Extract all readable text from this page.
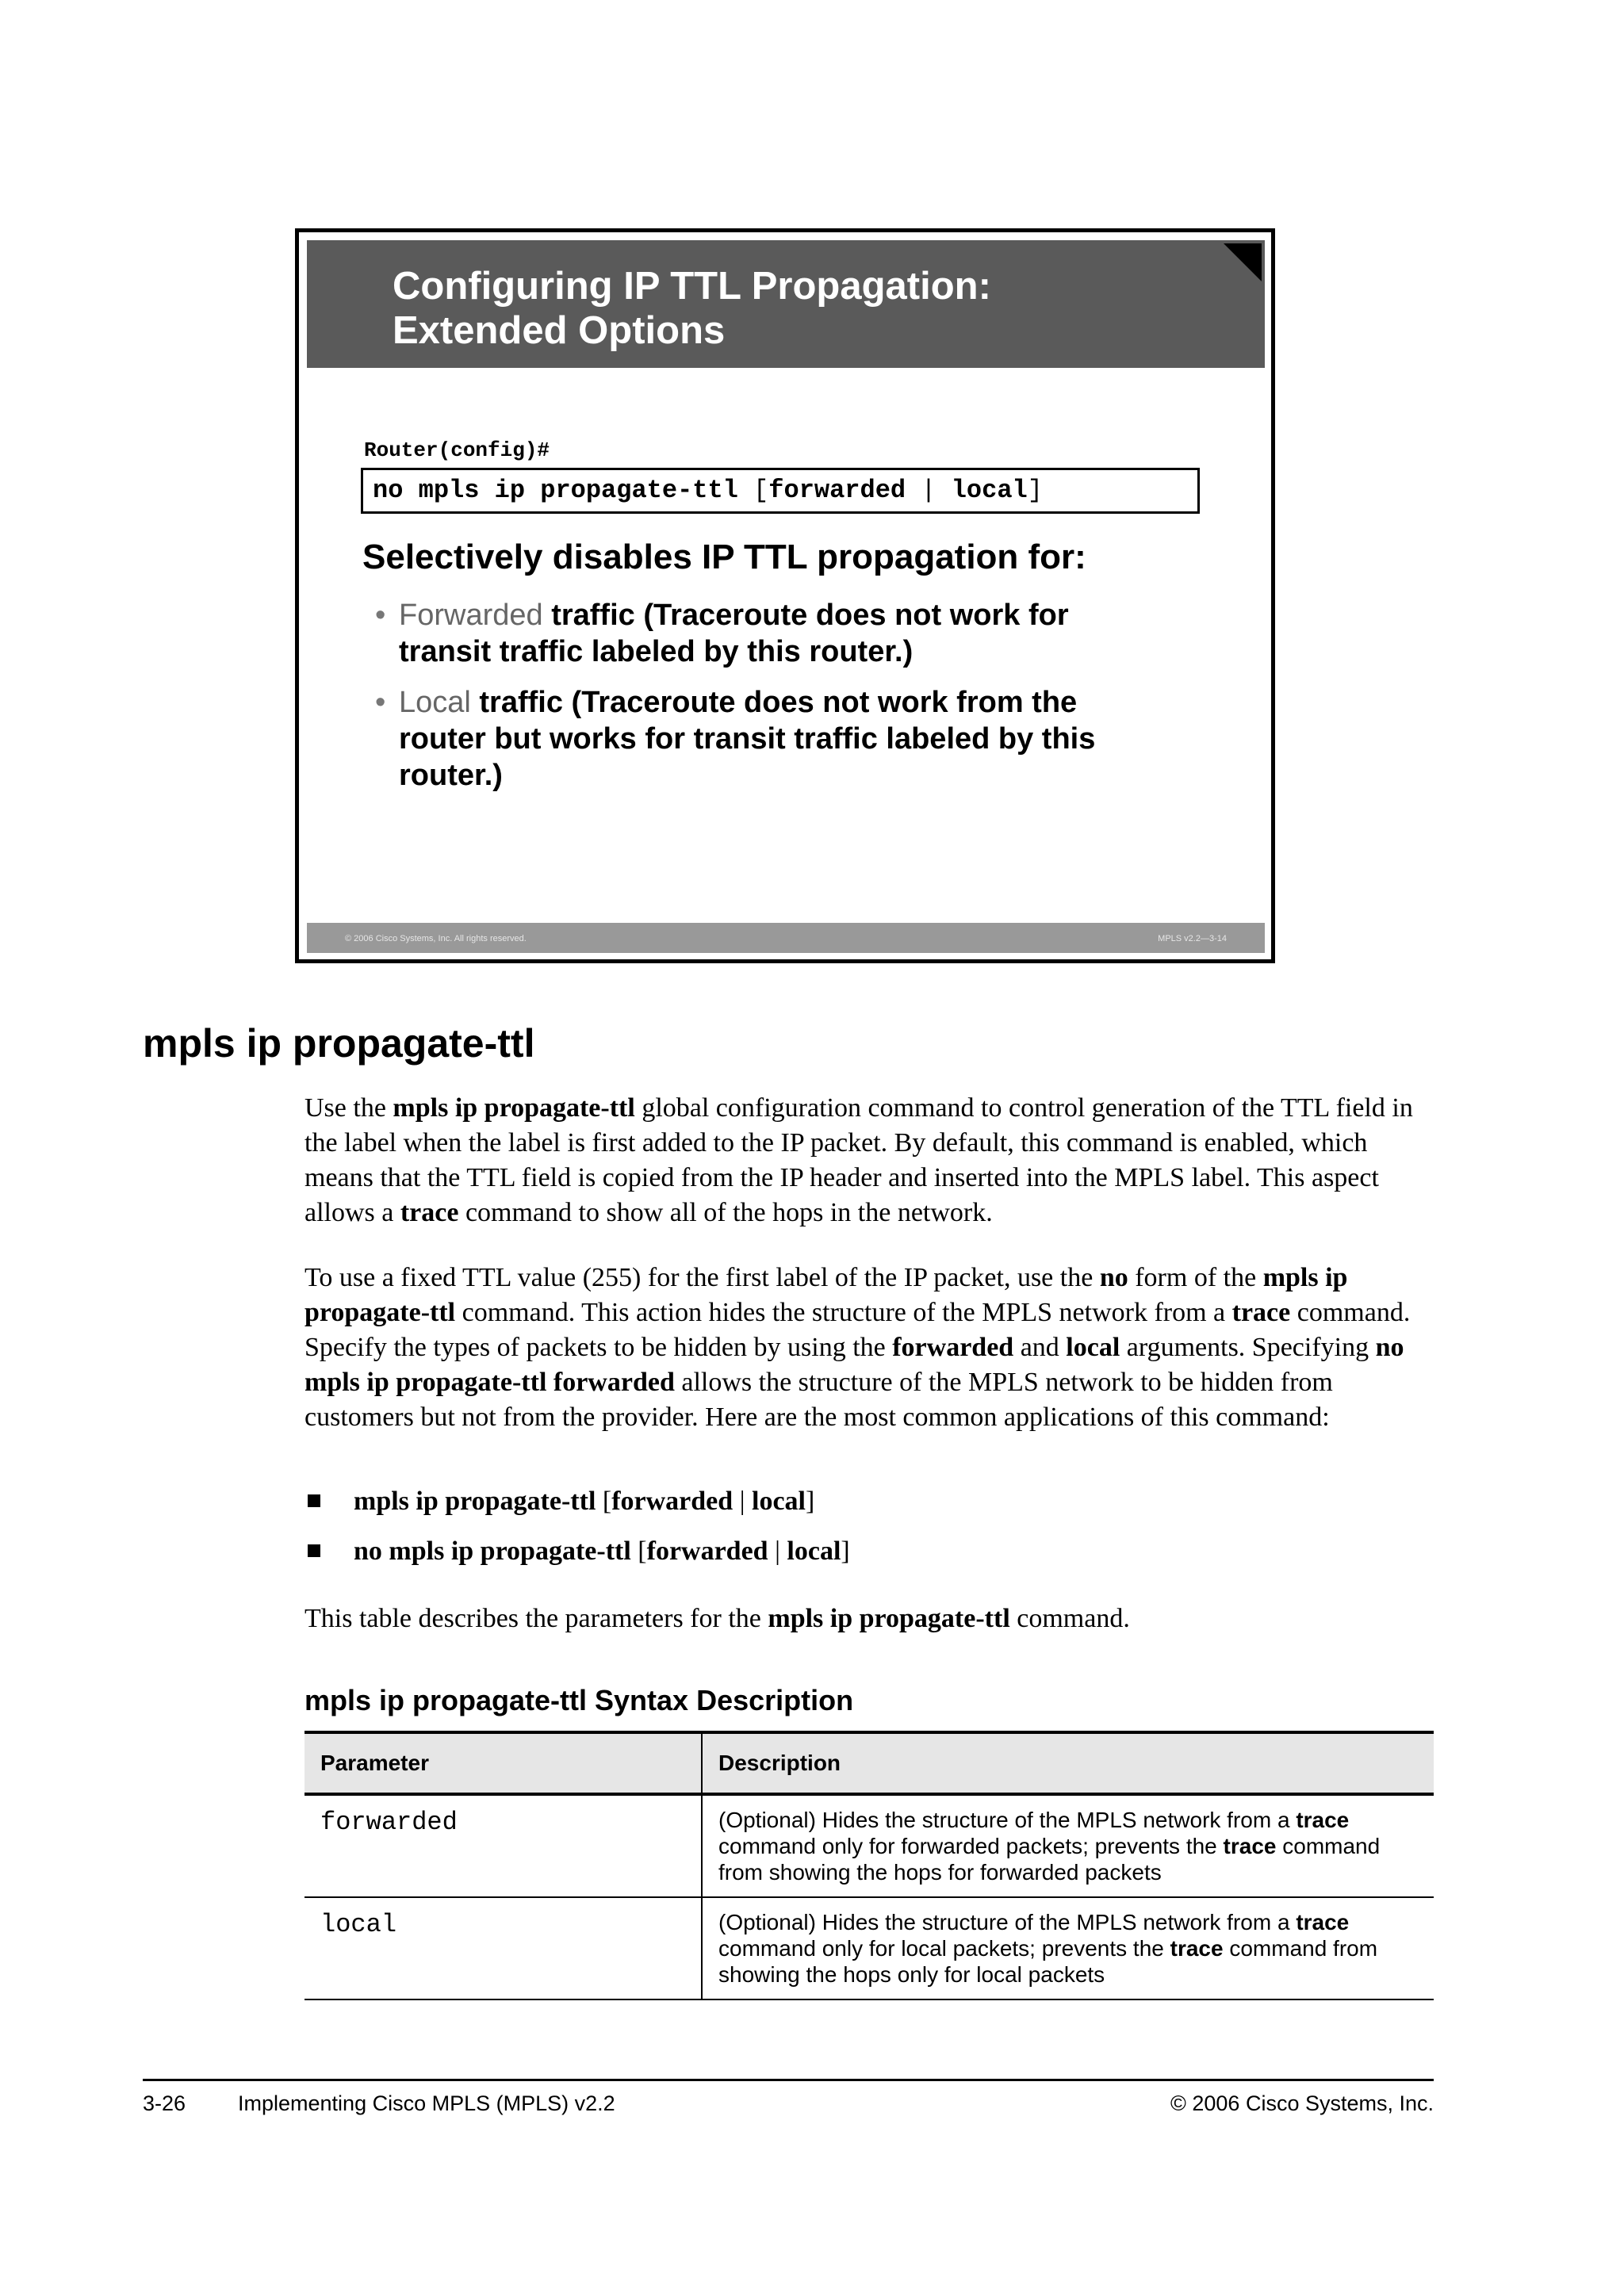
Configuring IP TTL Propagation:
Extended Options
Router(config)#
no mpls ip propagate-ttl [forwarded | local]
Selectively disables IP TTL propagation for:
• Forwarded traffic (Traceroute does not work for transit traffic labeled by this router.)
• Local traffic (Traceroute does not work from the router but works for transit traffic labeled by this router.)
© 2006 Cisco Systems, Inc. All rights reserved.	MPLS v2.2—3-14
mpls ip propagate-ttl

Use the mpls ip propagate-ttl global configuration command to control generation of the TTL field in the label when the label is first added to the IP packet. By default, this command is enabled, which means that the TTL field is copied from the IP header and inserted into the MPLS label. This aspect allows a trace command to show all of the hops in the network.

To use a fixed TTL value (255) for the first label of the IP packet, use the no form of the mpls ip propagate-ttl command. This action hides the structure of the MPLS network from a trace command. Specify the types of packets to be hidden by using the forwarded and local arguments. Specifying no mpls ip propagate-ttl forwarded allows the structure of the MPLS network to be hidden from customers but not from the provider. Here are the most common applications of this command:

mpls ip propagate-ttl [forwarded | local]
no mpls ip propagate-ttl [forwarded | local]

This table describes the parameters for the mpls ip propagate-ttl command.

mpls ip propagate-ttl Syntax Description
Parameter	Description
forwarded	(Optional) Hides the structure of the MPLS network from a trace command only for forwarded packets; prevents the trace command from showing the hops for forwarded packets
local	(Optional) Hides the structure of the MPLS network from a trace command only for local packets; prevents the trace command from showing the hops only for local packets
3-26 Implementing Cisco MPLS (MPLS) v2.2	© 2006 Cisco Systems, Inc.
